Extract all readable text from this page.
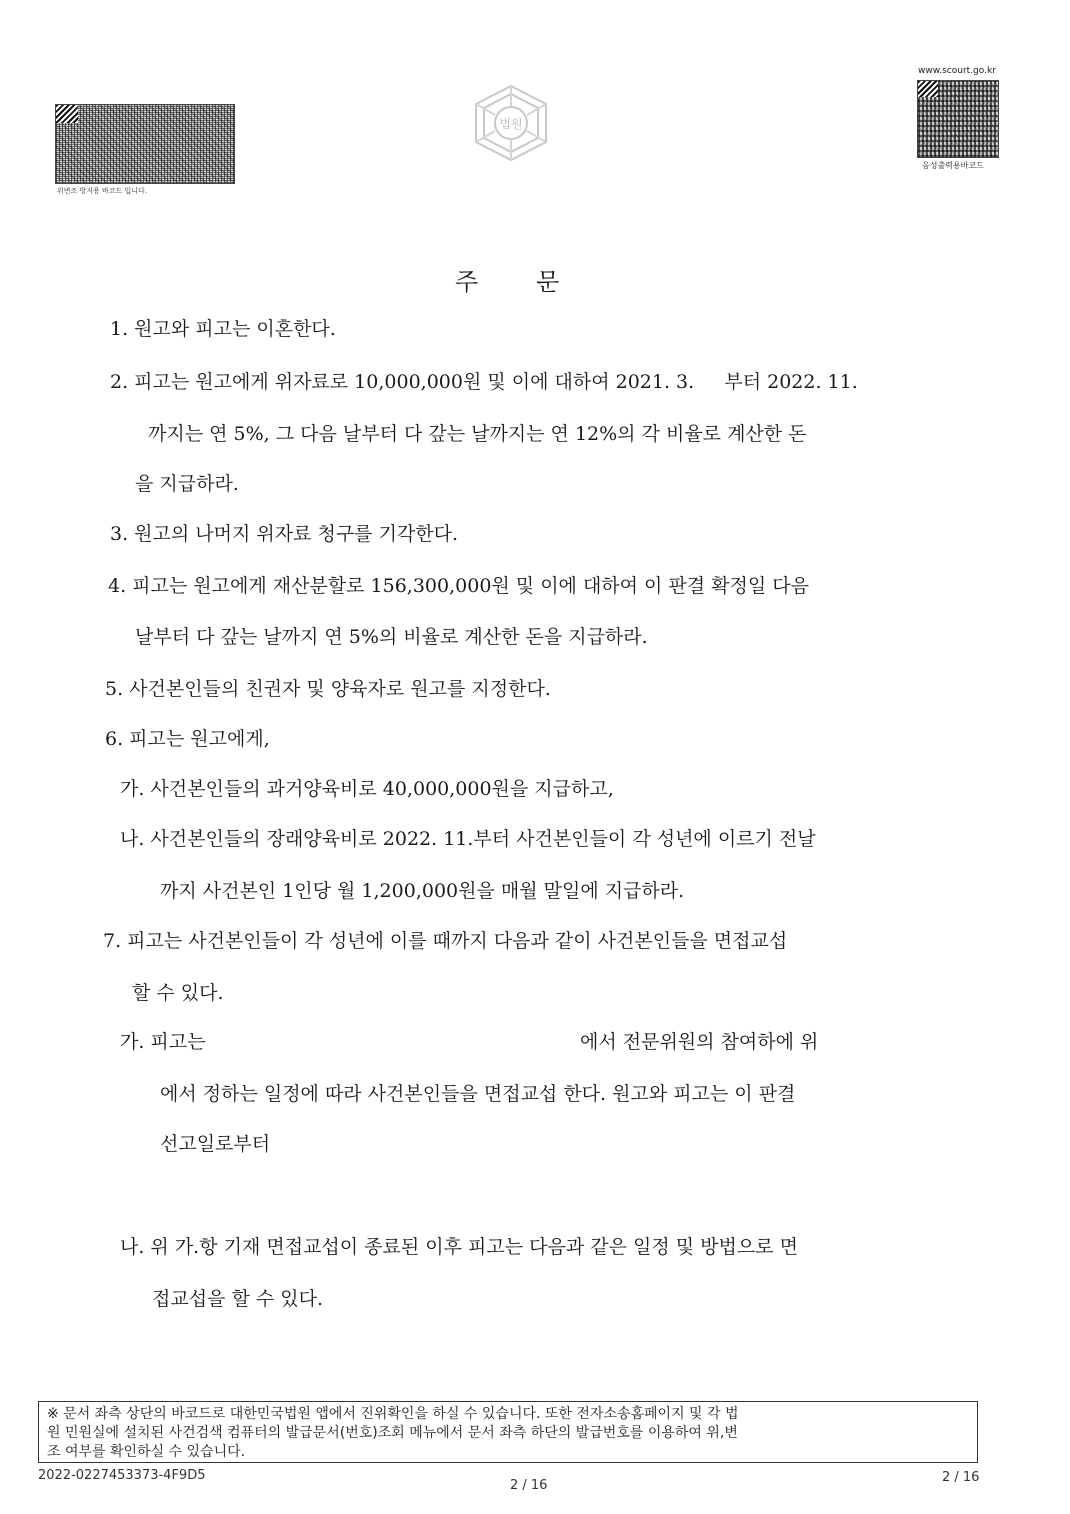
위변조 방지용 바코드 입니다.
법원
www.scourt.go.kr
음성출력용바코드
주문
1. 원고와 피고는 이혼한다.
2. 피고는 원고에게 위자료로 10,000,000원 및 이에 대하여 2021. 3.     부터 2022. 11.
까지는 연 5%, 그 다음 날부터 다 갚는 날까지는 연 12%의 각 비율로 계산한 돈
을 지급하라.
3. 원고의 나머지 위자료 청구를 기각한다.
4. 피고는 원고에게 재산분할로 156,300,000원 및 이에 대하여 이 판결 확정일 다음
날부터 다 갚는 날까지 연 5%의 비율로 계산한 돈을 지급하라.
5. 사건본인들의 친권자 및 양육자로 원고를 지정한다.
6. 피고는 원고에게,
가. 사건본인들의 과거양육비로 40,000,000원을 지급하고,
나. 사건본인들의 장래양육비로 2022. 11.부터 사건본인들이 각 성년에 이르기 전날
까지 사건본인 1인당 월 1,200,000원을 매월 말일에 지급하라.
7. 피고는 사건본인들이 각 성년에 이를 때까지 다음과 같이 사건본인들을 면접교섭
할 수 있다.
가. 피고는	에서 전문위원의 참여하에 위
에서 정하는 일정에 따라 사건본인들을 면접교섭 한다. 원고와 피고는 이 판결
선고일로부터
나. 위 가.항 기재 면접교섭이 종료된 이후 피고는 다음과 같은 일정 및 방법으로 면
접교섭을 할 수 있다.
※ 문서 좌측 상단의 바코드로 대한민국법원 앱에서 진위확인을 하실 수 있습니다. 또한 전자소송홈페이지 및 각 법
원 민원실에 설치된 사건검색 컴퓨터의 발급문서(번호)조회 메뉴에서 문서 좌측 하단의 발급번호를 이용하여 위,변
조 여부를 확인하실 수 있습니다.
2022-0227453373-4F9D5
2 / 16
2 / 16
